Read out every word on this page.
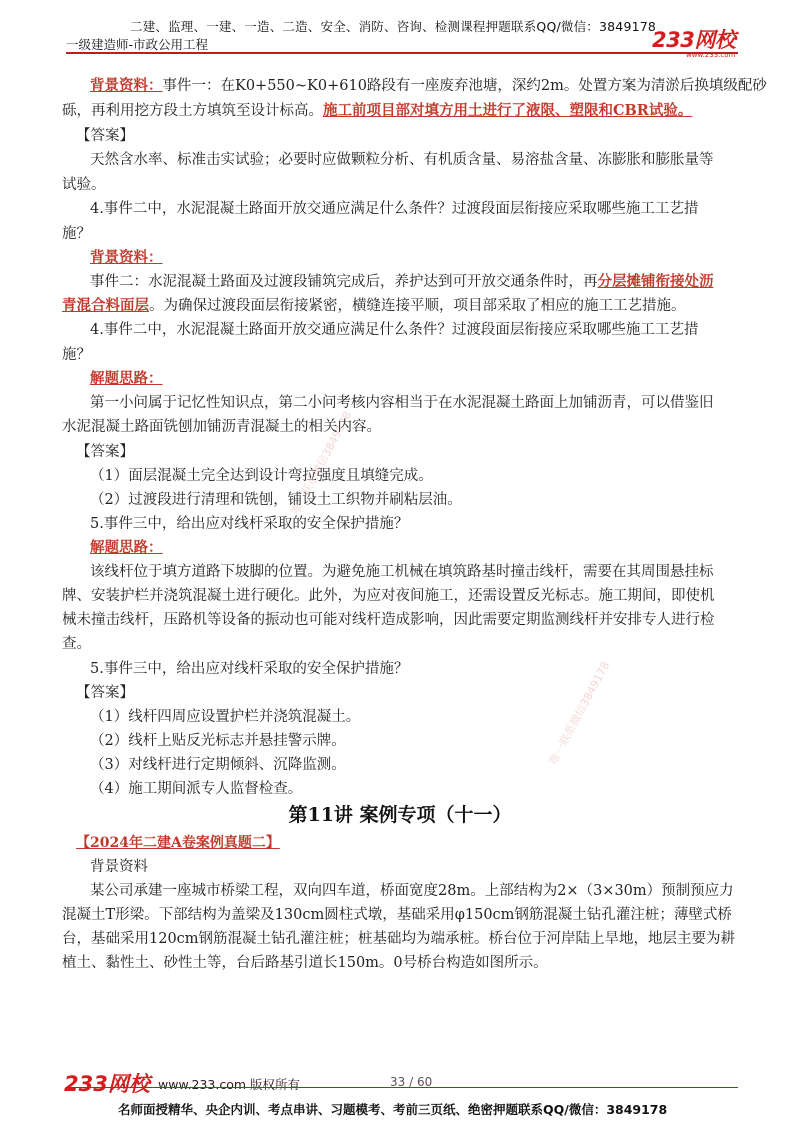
二建、监理、一建、一造、二造、安全、消防、咨询、检测课程押题联系QQ/微信：3849178
一级建造师-市政公用工程	233网校
www.233.com
背景资料：事件一：在K0+550~K0+610路段有一座废弃池塘，深约2m。处置方案为清淤后换填级配砂
砾，再利用挖方段土方填筑至设计标高。施工前项目部对填方用土进行了液限、塑限和CBR试验。
【答案】
天然含水率、标准击实试验；必要时应做颗粒分析、有机质含量、易溶盐含量、冻膨胀和膨胀量等
试验。
4.事件二中，水泥混凝土路面开放交通应满足什么条件？过渡段面层衔接应采取哪些施工工艺措
施？
背景资料：
事件二：水泥混凝土路面及过渡段铺筑完成后，养护达到可开放交通条件时，再分层摊铺衔接处沥
青混合料面层。为确保过渡段面层衔接紧密，横缝连接平顺，项目部采取了相应的施工工艺措施。
4.事件二中，水泥混凝土路面开放交通应满足什么条件？过渡段面层衔接应采取哪些施工工艺措
施？
解题思路：
第一小问属于记忆性知识点，第二小问考核内容相当于在水泥混凝土路面上加铺沥青，可以借鉴旧
水泥混凝土路面铣刨加铺沥青混凝土的相关内容。
【答案】
（1）面层混凝土完全达到设计弯拉强度且填缝完成。
（2）过渡段进行清理和铣刨，铺设土工织物并刷粘层油。
5.事件三中，给出应对线杆采取的安全保护措施？
解题思路：
该线杆位于填方道路下坡脚的位置。为避免施工机械在填筑路基时撞击线杆，需要在其周围悬挂标
牌、安装护栏并浇筑混凝土进行硬化。此外，为应对夜间施工，还需设置反光标志。施工期间，即使机
械未撞击线杆，压路机等设备的振动也可能对线杆造成影响，因此需要定期监测线杆并安排专人进行检
查。
5.事件三中，给出应对线杆采取的安全保护措施？
【答案】
（1）线杆四周应设置护栏并浇筑混凝土。
（2）线杆上贴反光标志并悬挂警示牌。
（3）对线杆进行定期倾斜、沉降监测。
（4）施工期间派专人监督检查。
第11讲 案例专项（十一）
【2024年二建A卷案例真题二】
背景资料
某公司承建一座城市桥梁工程，双向四车道，桥面宽度28m。上部结构为2×（3×30m）预制预应力
混凝土T形梁。下部结构为盖梁及130cm圆柱式墩，基础采用φ150cm钢筋混凝土钻孔灌注桩；薄壁式桥
台，基础采用120cm钢筋混凝土钻孔灌注桩；桩基础均为端承桩。桥台位于河岸陆上旱地，地层主要为耕
植土、黏性土、砂性土等，台后路基引道长150m。0号桥台构造如图所示。
唯一联系微信3849178
唯一联系微信3849178
233网校 www.233.com 版权所有	33 / 60
名师面授精华、央企内训、考点串讲、习题模考、考前三页纸、绝密押题联系QQ/微信：3849178
